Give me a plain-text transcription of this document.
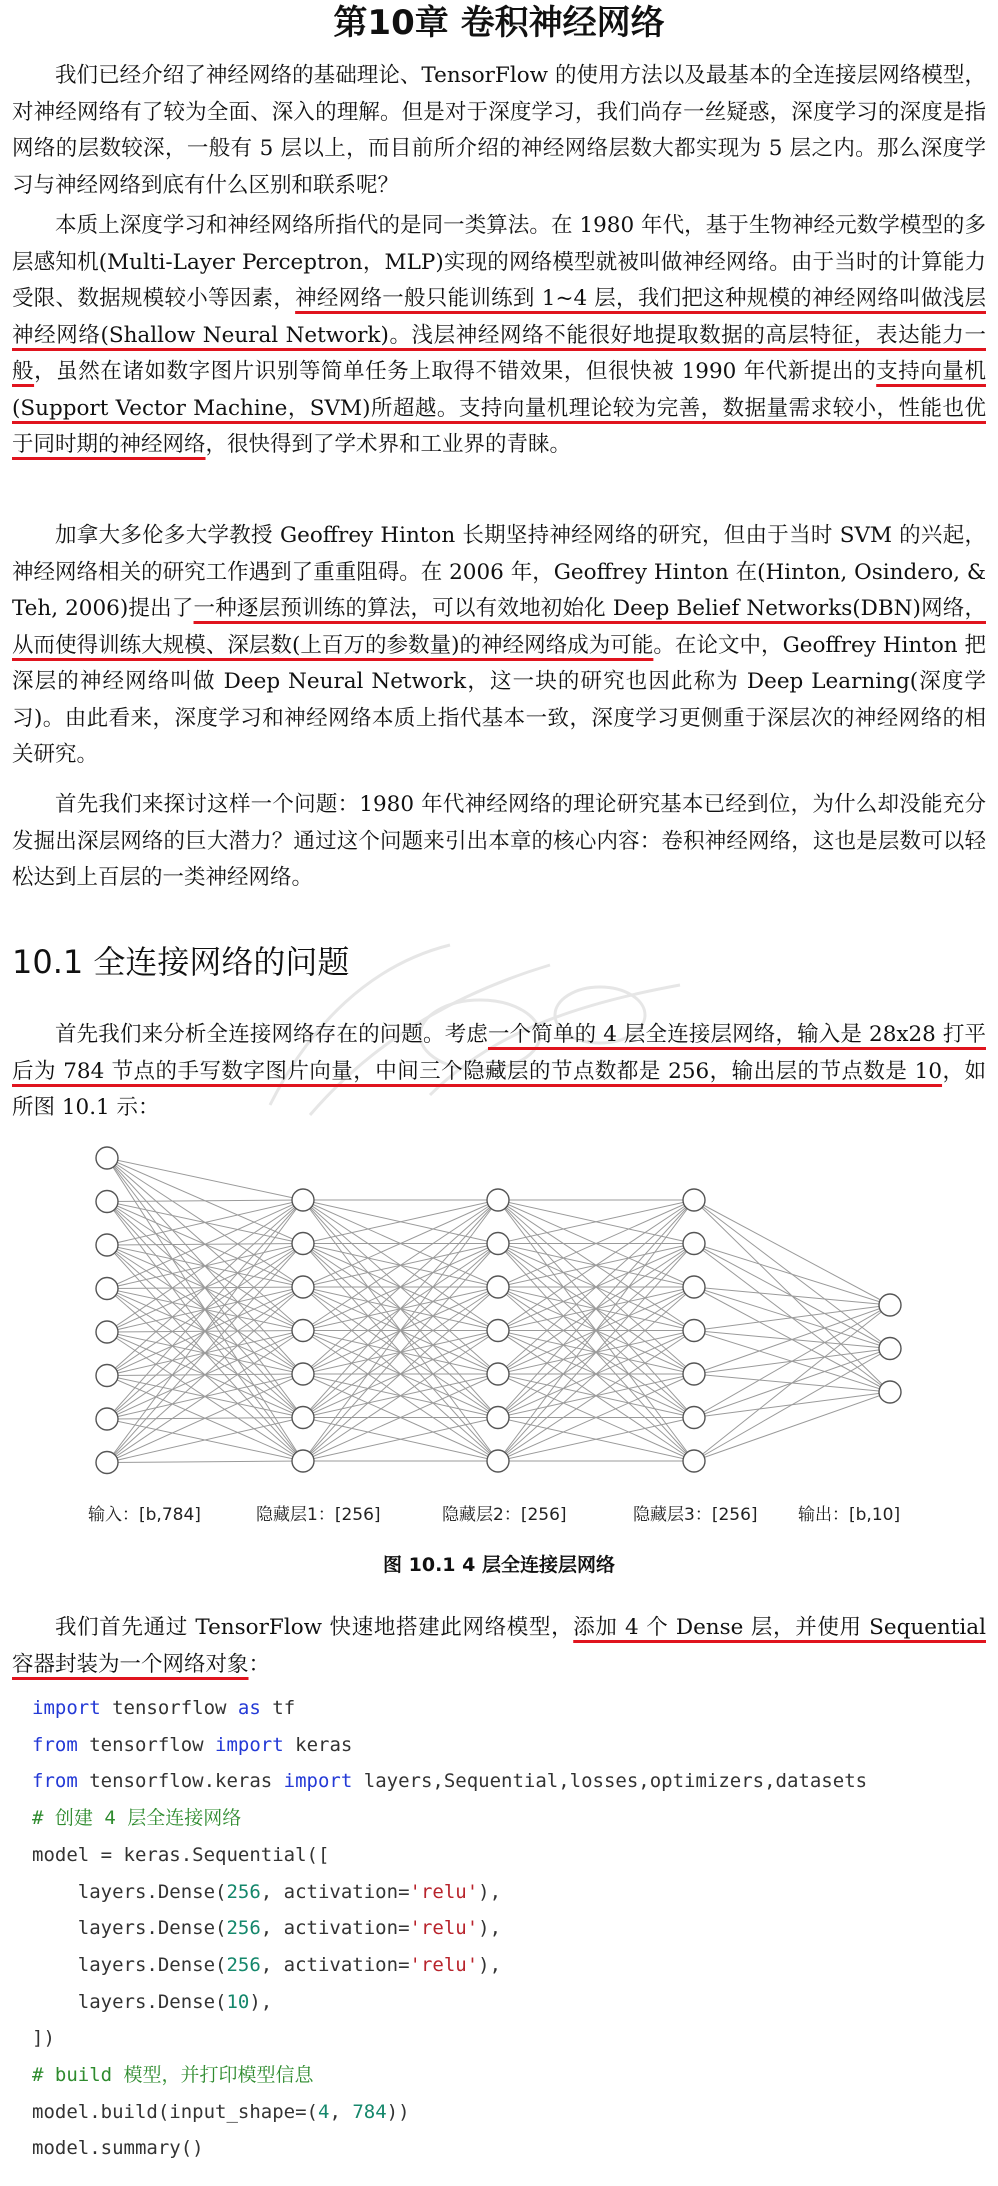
第10章 卷积神经网络

我们已经介绍了神经网络的基础理论、TensorFlow 的使用方法以及最基本的全连接层网络模型，对神经网络有了较为全面、深入的理解。但是对于深度学习，我们尚存一丝疑惑，深度学习的深度是指网络的层数较深，一般有 5 层以上，而目前所介绍的神经网络层数大都实现为 5 层之内。那么深度学习与神经网络到底有什么区别和联系呢？

本质上深度学习和神经网络所指代的是同一类算法。在 1980 年代，基于生物神经元数学模型的多层感知机(Multi-Layer Perceptron，MLP)实现的网络模型就被叫做神经网络。由于当时的计算能力受限、数据规模较小等因素，神经网络一般只能训练到 1~4 层，我们把这种规模的神经网络叫做浅层神经网络(Shallow Neural Network)。浅层神经网络不能很好地提取数据的高层特征，表达能力一般，虽然在诸如数字图片识别等简单任务上取得不错效果，但很快被 1990 年代新提出的支持向量机(Support Vector Machine，SVM)所超越。支持向量机理论较为完善，数据量需求较小，性能也优于同时期的神经网络，很快得到了学术界和工业界的青睐。

加拿大多伦多大学教授 Geoffrey Hinton 长期坚持神经网络的研究，但由于当时 SVM 的兴起，神经网络相关的研究工作遇到了重重阻碍。在 2006 年，Geoffrey Hinton 在(Hinton, Osindero, & Teh, 2006)提出了一种逐层预训练的算法，可以有效地初始化 Deep Belief Networks(DBN)网络，从而使得训练大规模、深层数(上百万的参数量)的神经网络成为可能。在论文中，Geoffrey Hinton 把深层的神经网络叫做 Deep Neural Network，这一块的研究也因此称为 Deep Learning(深度学习)。由此看来，深度学习和神经网络本质上指代基本一致，深度学习更侧重于深层次的神经网络的相关研究。

首先我们来探讨这样一个问题：1980 年代神经网络的理论研究基本已经到位，为什么却没能充分发掘出深层网络的巨大潜力？通过这个问题来引出本章的核心内容：卷积神经网络，这也是层数可以轻松达到上百层的一类神经网络。

10.1 全连接网络的问题

首先我们来分析全连接网络存在的问题。考虑一个简单的 4 层全连接层网络，输入是 28x28 打平后为 784 节点的手写数字图片向量，中间三个隐藏层的节点数都是 256，输出层的节点数是 10，如所图 10.1 示：

输入：[b,784]	隐藏层1：[256]	隐藏层2：[256]	隐藏层3：[256] 输出：[b,10]
图 10.1 4 层全连接层网络

我们首先通过 TensorFlow 快速地搭建此网络模型，添加 4 个 Dense 层，并使用 Sequential 容器封装为一个网络对象：

import tensorflow as tf
from tensorflow import keras
from tensorflow.keras import layers,Sequential,losses,optimizers,datasets
# 创建 4 层全连接网络
model = keras.Sequential([
layers.Dense(256, activation='relu'),
layers.Dense(256, activation='relu'),
layers.Dense(256, activation='relu'),
layers.Dense(10),
])
# build 模型，并打印模型信息
model.build(input_shape=(4, 784))
model.summary()
